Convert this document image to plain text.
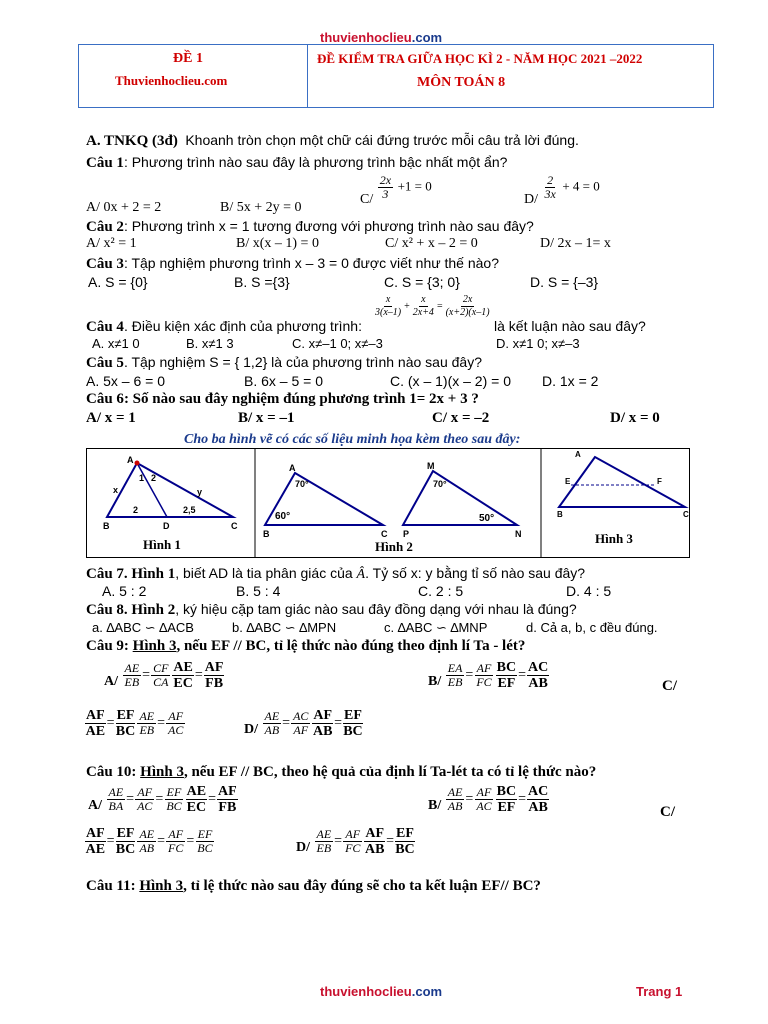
thuvienhoclieu.com
ĐỀ 1
Thuvienhoclieu.com
ĐỀ KIỂM TRA GIỮA HỌC KÌ 2 - NĂM HỌC 2021 –2022
MÔN TOÁN 8
A. TNKQ (3đ) Khoanh tròn chọn một chữ cái đứng trước mỗi câu trả lời đúng.
Câu 1: Phương trình nào sau đây là phương trình bậc nhất một ẩn?
A/ 0x + 2 = 2	B/ 5x + 2y = 0
$C/ \frac{2x}{3} +1 = 0$
$D/ \frac{2}{3x} + 4 = 0$
Câu 2: Phương trình x = 1 tương đương với phương trình nào sau đây?
A/ x² = 1	B/ x(x – 1) = 0	C/ x² + x – 2 = 0	D/ 2x – 1= x
Câu 3: Tập nghiệm phương trình x – 3 = 0 được viết như thế nào?
A. S = {0}	B. S ={3}	C. S = {3; 0}	D. S = {–3}
Câu 4. Điều kiện xác định của phương trình:
$\frac{x}{3(x-1)} + \frac{x}{2x+4} = \frac{2x}{(x+2)(x-1)}$
là kết luận nào sau đây?
A. x≠1 0	B. x≠1 3	C. x≠–1 0; x≠–3	D. x≠1 0; x≠–3
Câu 5. Tập nghiệm S = { 1,2} là của phương trình nào sau đây?
A. 5x – 6 = 0	B. 6x – 5 = 0	C. (x – 1)(x – 2) = 0 D. 1x = 2
Câu 6: Số nào sau đây nghiệm đúng phương trình 1= 2x + 3 ?
A/ x = 1	B/ x = –1	C/ x = –2	D/ x = 0
Cho ba hình vẽ có các số liệu minh họa kèm theo sau đây:
A
B	C
D
x	y
1 2
2	2,5
A
B	C
70°
60°
M
P	N
70°
50°
A
B	C
E	F
Hình 1	Hình 2
Hình 3
Câu 7. Hình 1, biết AD là tia phân giác của Â. Tỷ số x: y bằng tỉ số nào sau đây?
A. 5 : 2	B. 5 : 4	C. 2 : 5	D. 4 : 5
Câu 8. Hình 2, ký hiệu cặp tam giác nào sau đây đồng dạng với nhau là đúng?
a. ∆ABC ∽ ∆ACB	b. ∆ABC ∽ ∆MPN	c. ∆ABC ∽ ∆MNP	d. Cả a, b, c đều đúng.
Câu 9: Hình 3, nếu EF // BC, tỉ lệ thức nào đúng theo định lí Ta - lét?
$A/ \frac{AE}{EB} = \frac{CF}{CA} \frac{AE}{EC} = \frac{AF}{FB}$	$B/ \frac{EA}{EB} = \frac{AF}{FC} \frac{BC}{EF} = \frac{AC}{AB}$	C/
$\frac{AF}{AE} = \frac{EF}{BC} \frac{AE}{EB} = \frac{AF}{AC}$	$D/ \frac{AE}{AB} = \frac{AC}{AF} \frac{AF}{AB} = \frac{EF}{BC}$
Câu 10: Hình 3, nếu EF // BC, theo hệ quả của định lí Ta-lét ta có tỉ lệ thức nào?
$A/ \frac{AE}{BA} = \frac{AF}{AC} = \frac{EF}{BC} \frac{AE}{EC} = \frac{AF}{FB}$	$B/ \frac{AE}{AB} = \frac{AF}{AC} \frac{BC}{EF} = \frac{AC}{AB}$	C/
$\frac{AF}{AE} = \frac{EF}{BC} \frac{AE}{AB} = \frac{AF}{FC} = \frac{EF}{BC}$	$D/ \frac{AE}{EB} = \frac{AF}{FC} \frac{AF}{AB} = \frac{EF}{BC}$
Câu 11: Hình 3, tỉ lệ thức nào sau đây đúng sẽ cho ta kết luận EF// BC?
thuvienhoclieu.com	Trang 1
